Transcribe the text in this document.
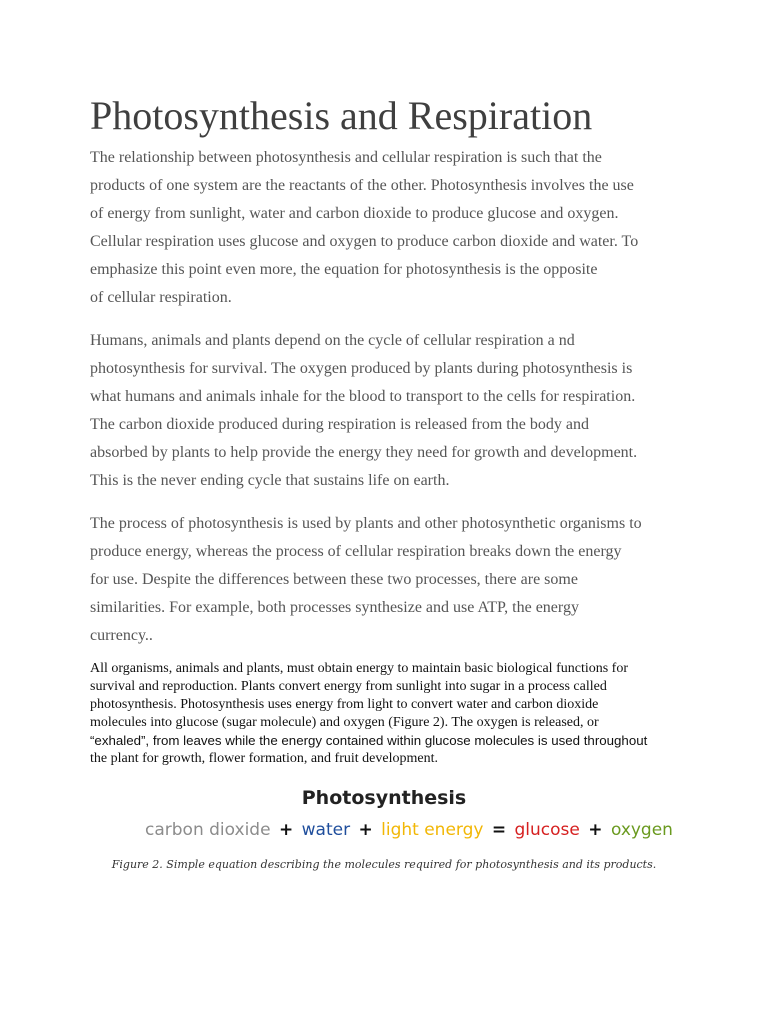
Photosynthesis and Respiration

The relationship between photosynthesis and cellular respiration is such that the
products of one system are the reactants of the other. Photosynthesis involves the use
of energy from sunlight, water and carbon dioxide to produce glucose and oxygen.
Cellular respiration uses glucose and oxygen to produce carbon dioxide and water. To
emphasize this point even more, the equation for photosynthesis is the opposite
of cellular respiration.

Humans, animals and plants depend on the cycle of cellular respiration a nd
photosynthesis for survival. The oxygen produced by plants during photosynthesis is
what humans and animals inhale for the blood to transport to the cells for respiration.
The carbon dioxide produced during respiration is released from the body and
absorbed by plants to help provide the energy they need for growth and development.
This is the never ending cycle that sustains life on earth.

The process of photosynthesis is used by plants and other photosynthetic organisms to
produce energy, whereas the process of cellular respiration breaks down the energy
for use. Despite the differences between these two processes, there are some
similarities. For example, both processes synthesize and use ATP, the energy
currency..

All organisms, animals and plants, must obtain energy to maintain basic biological functions for
survival and reproduction. Plants convert energy from sunlight into sugar in a process called
photosynthesis. Photosynthesis uses energy from light to convert water and carbon dioxide
molecules into glucose (sugar molecule) and oxygen (Figure 2). The oxygen is released, or
“exhaled”, from leaves while the energy contained within glucose molecules is used throughout
the plant for growth, flower formation, and fruit development.

Photosynthesis
carbon dioxide + water + light energy = glucose + oxygen
Figure 2. Simple equation describing the molecules required for photosynthesis and its products.
